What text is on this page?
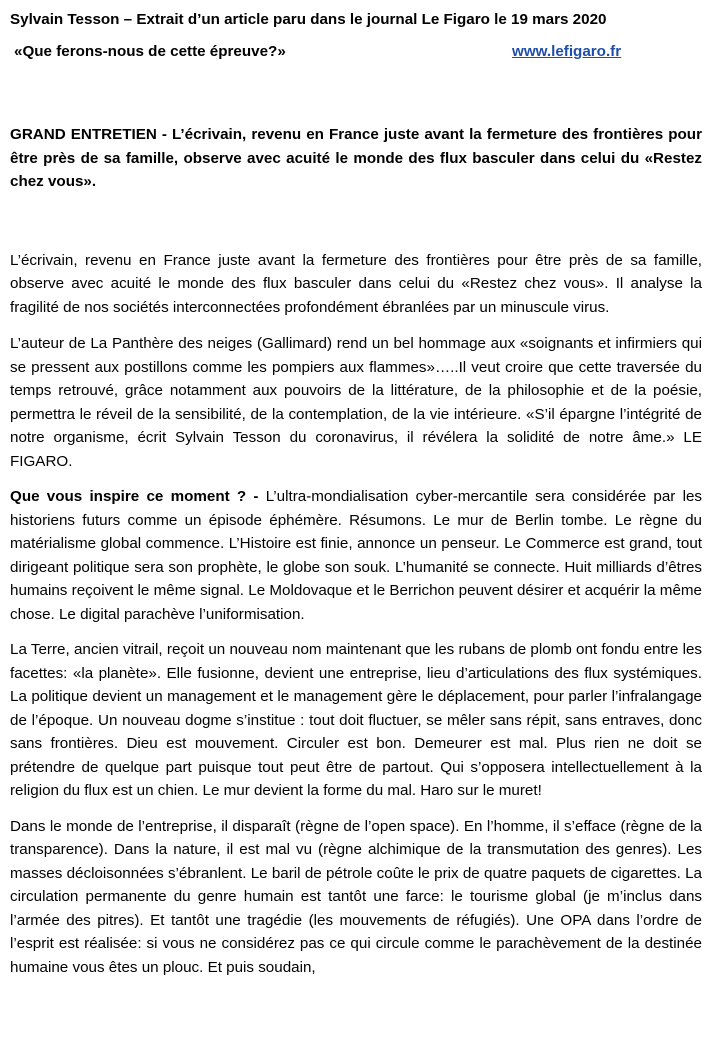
Sylvain Tesson – Extrait d’un article paru dans le journal Le Figaro le 19 mars 2020
«Que ferons-nous de cette épreuve?»	www.lefigaro.fr

GRAND ENTRETIEN - L’écrivain, revenu en France juste avant la fermeture des frontières pour être près de sa famille, observe avec acuité le monde des flux basculer dans celui du «Restez chez vous».

L’écrivain, revenu en France juste avant la fermeture des frontières pour être près de sa famille, observe avec acuité le monde des flux basculer dans celui du «Restez chez vous». Il analyse la fragilité de nos sociétés interconnectées profondément ébranlées par un minuscule virus.

L’auteur de La Panthère des neiges (Gallimard) rend un bel hommage aux «soignants et infirmiers qui se pressent aux postillons comme les pompiers aux flammes»…..Il veut croire que cette traversée du temps retrouvé, grâce notamment aux pouvoirs de la littérature, de la philosophie et de la poésie, permettra le réveil de la sensibilité, de la contemplation, de la vie intérieure. «S’il épargne l’intégrité de notre organisme, écrit Sylvain Tesson du coronavirus, il révélera la solidité de notre âme.» LE FIGARO.

Que vous inspire ce moment ? - L’ultra-mondialisation cyber-mercantile sera considérée par les historiens futurs comme un épisode éphémère. Résumons. Le mur de Berlin tombe. Le règne du matérialisme global commence. L’Histoire est finie, annonce un penseur. Le Commerce est grand, tout dirigeant politique sera son prophète, le globe son souk. L’humanité se connecte. Huit milliards d’êtres humains reçoivent le même signal. Le Moldovaque et le Berrichon peuvent désirer et acquérir la même chose. Le digital parachève l’uniformisation.

La Terre, ancien vitrail, reçoit un nouveau nom maintenant que les rubans de plomb ont fondu entre les facettes: «la planète». Elle fusionne, devient une entreprise, lieu d’articulations des flux systémiques. La politique devient un management et le management gère le déplacement, pour parler l’infralangage de l’époque. Un nouveau dogme s’institue : tout doit fluctuer, se mêler sans répit, sans entraves, donc sans frontières. Dieu est mouvement. Circuler est bon. Demeurer est mal. Plus rien ne doit se prétendre de quelque part puisque tout peut être de partout. Qui s’opposera intellectuellement à la religion du flux est un chien. Le mur devient la forme du mal. Haro sur le muret!

Dans le monde de l’entreprise, il disparaît (règne de l’open space). En l’homme, il s’efface (règne de la transparence). Dans la nature, il est mal vu (règne alchimique de la transmutation des genres). Les masses décloisonnées s’ébranlent. Le baril de pétrole coûte le prix de quatre paquets de cigarettes. La circulation permanente du genre humain est tantôt une farce: le tourisme global (je m’inclus dans l’armée des pitres). Et tantôt une tragédie (les mouvements de réfugiés). Une OPA dans l’ordre de l’esprit est réalisée: si vous ne considérez pas ce qui circule comme le parachèvement de la destinée humaine vous êtes un plouc. Et puis soudain,
